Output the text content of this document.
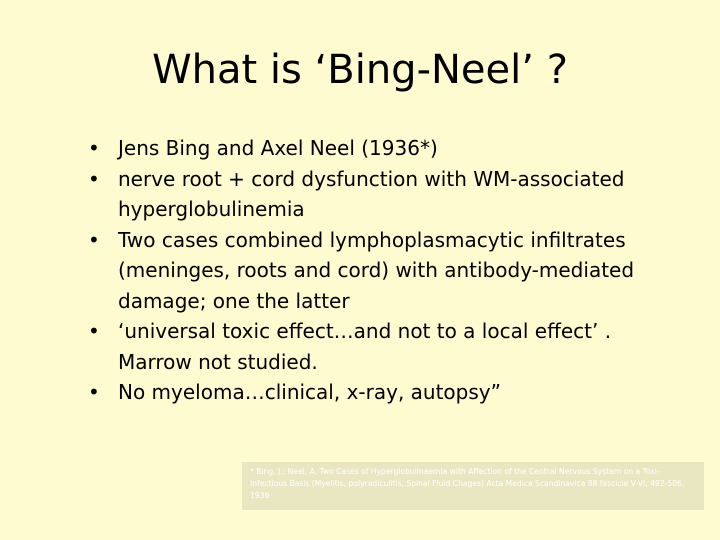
What is ‘Bing-Neel’ ?
• Jens Bing and Axel Neel (1936*)
• nerve root + cord dysfunction with WM-associated hyperglobulinemia
• Two cases combined lymphoplasmacytic infiltrates (meninges, roots and cord) with antibody-mediated damage; one the latter
• ‘universal toxic effect…and not to a local effect’ . Marrow not studied.
• No myeloma…clinical, x-ray, autopsy”
* Bing, J.; Neel, A. Two Cases of Hyperglobulinaemia with Affection of the Central Nervous System on a Toxi-Infectious Basis (Myelitis, polyradiculitis, Spinal Fluid Chages) Acta Medica Scandinavica 88 fascicle V-VI, 492-506, 1936
